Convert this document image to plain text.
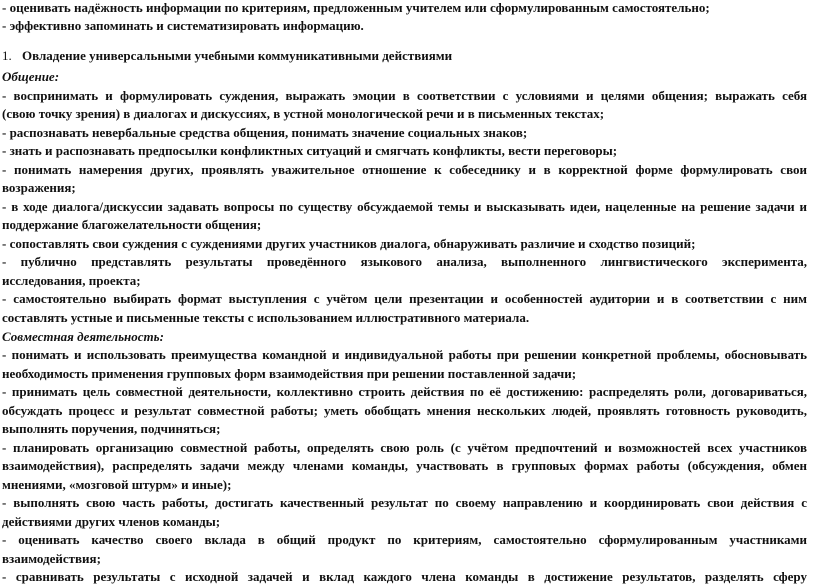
- оценивать надёжность информации по критериям, предложенным учителем или сформулированным самостоятельно;
- эффективно запоминать и систематизировать информацию.
1. Овладение универсальными учебными коммуникативными действиями
Общение:
- воспринимать и формулировать суждения, выражать эмоции в соответствии с условиями и целями общения; выражать себя
(свою точку зрения) в диалогах и дискуссиях, в устной монологической речи и в письменных текстах;
- распознавать невербальные средства общения, понимать значение социальных знаков;
- знать и распознавать предпосылки конфликтных ситуаций и смягчать конфликты, вести переговоры;
- понимать намерения других, проявлять уважительное отношение к собеседнику и в корректной форме формулировать свои
возражения;
- в ходе диалога/дискуссии задавать вопросы по существу обсуждаемой темы и высказывать идеи, нацеленные на решение задачи и
поддержание благожелательности общения;
- сопоставлять свои суждения с суждениями других участников диалога, обнаруживать различие и сходство позиций;
- публично представлять результаты проведённого языкового анализа, выполненного лингвистического эксперимента,
исследования, проекта;
- самостоятельно выбирать формат выступления с учётом цели презентации и особенностей аудитории и в соответствии с ним
составлять устные и письменные тексты с использованием иллюстративного материала.
Совместная деятельность:
- понимать и использовать преимущества командной и индивидуальной работы при решении конкретной проблемы, обосновывать
необходимость применения групповых форм взаимодействия при решении поставленной задачи;
- принимать цель совместной деятельности, коллективно строить действия по её достижению: распределять роли, договариваться,
обсуждать процесс и результат совместной работы; уметь обобщать мнения нескольких людей, проявлять готовность руководить,
выполнять поручения, подчиняться;
- планировать организацию совместной работы, определять свою роль (с учётом предпочтений и возможностей всех участников
взаимодействия), распределять задачи между членами команды, участвовать в групповых формах работы (обсуждения, обмен
мнениями, «мозговой штурм» и иные);
- выполнять свою часть работы, достигать качественный результат по своему направлению и координировать свои действия с
действиями других членов команды;
- оценивать качество своего вклада в общий продукт по критериям, самостоятельно сформулированным участниками
взаимодействия;
- сравнивать результаты с исходной задачей и вклад каждого члена команды в достижение результатов, разделять сферу
